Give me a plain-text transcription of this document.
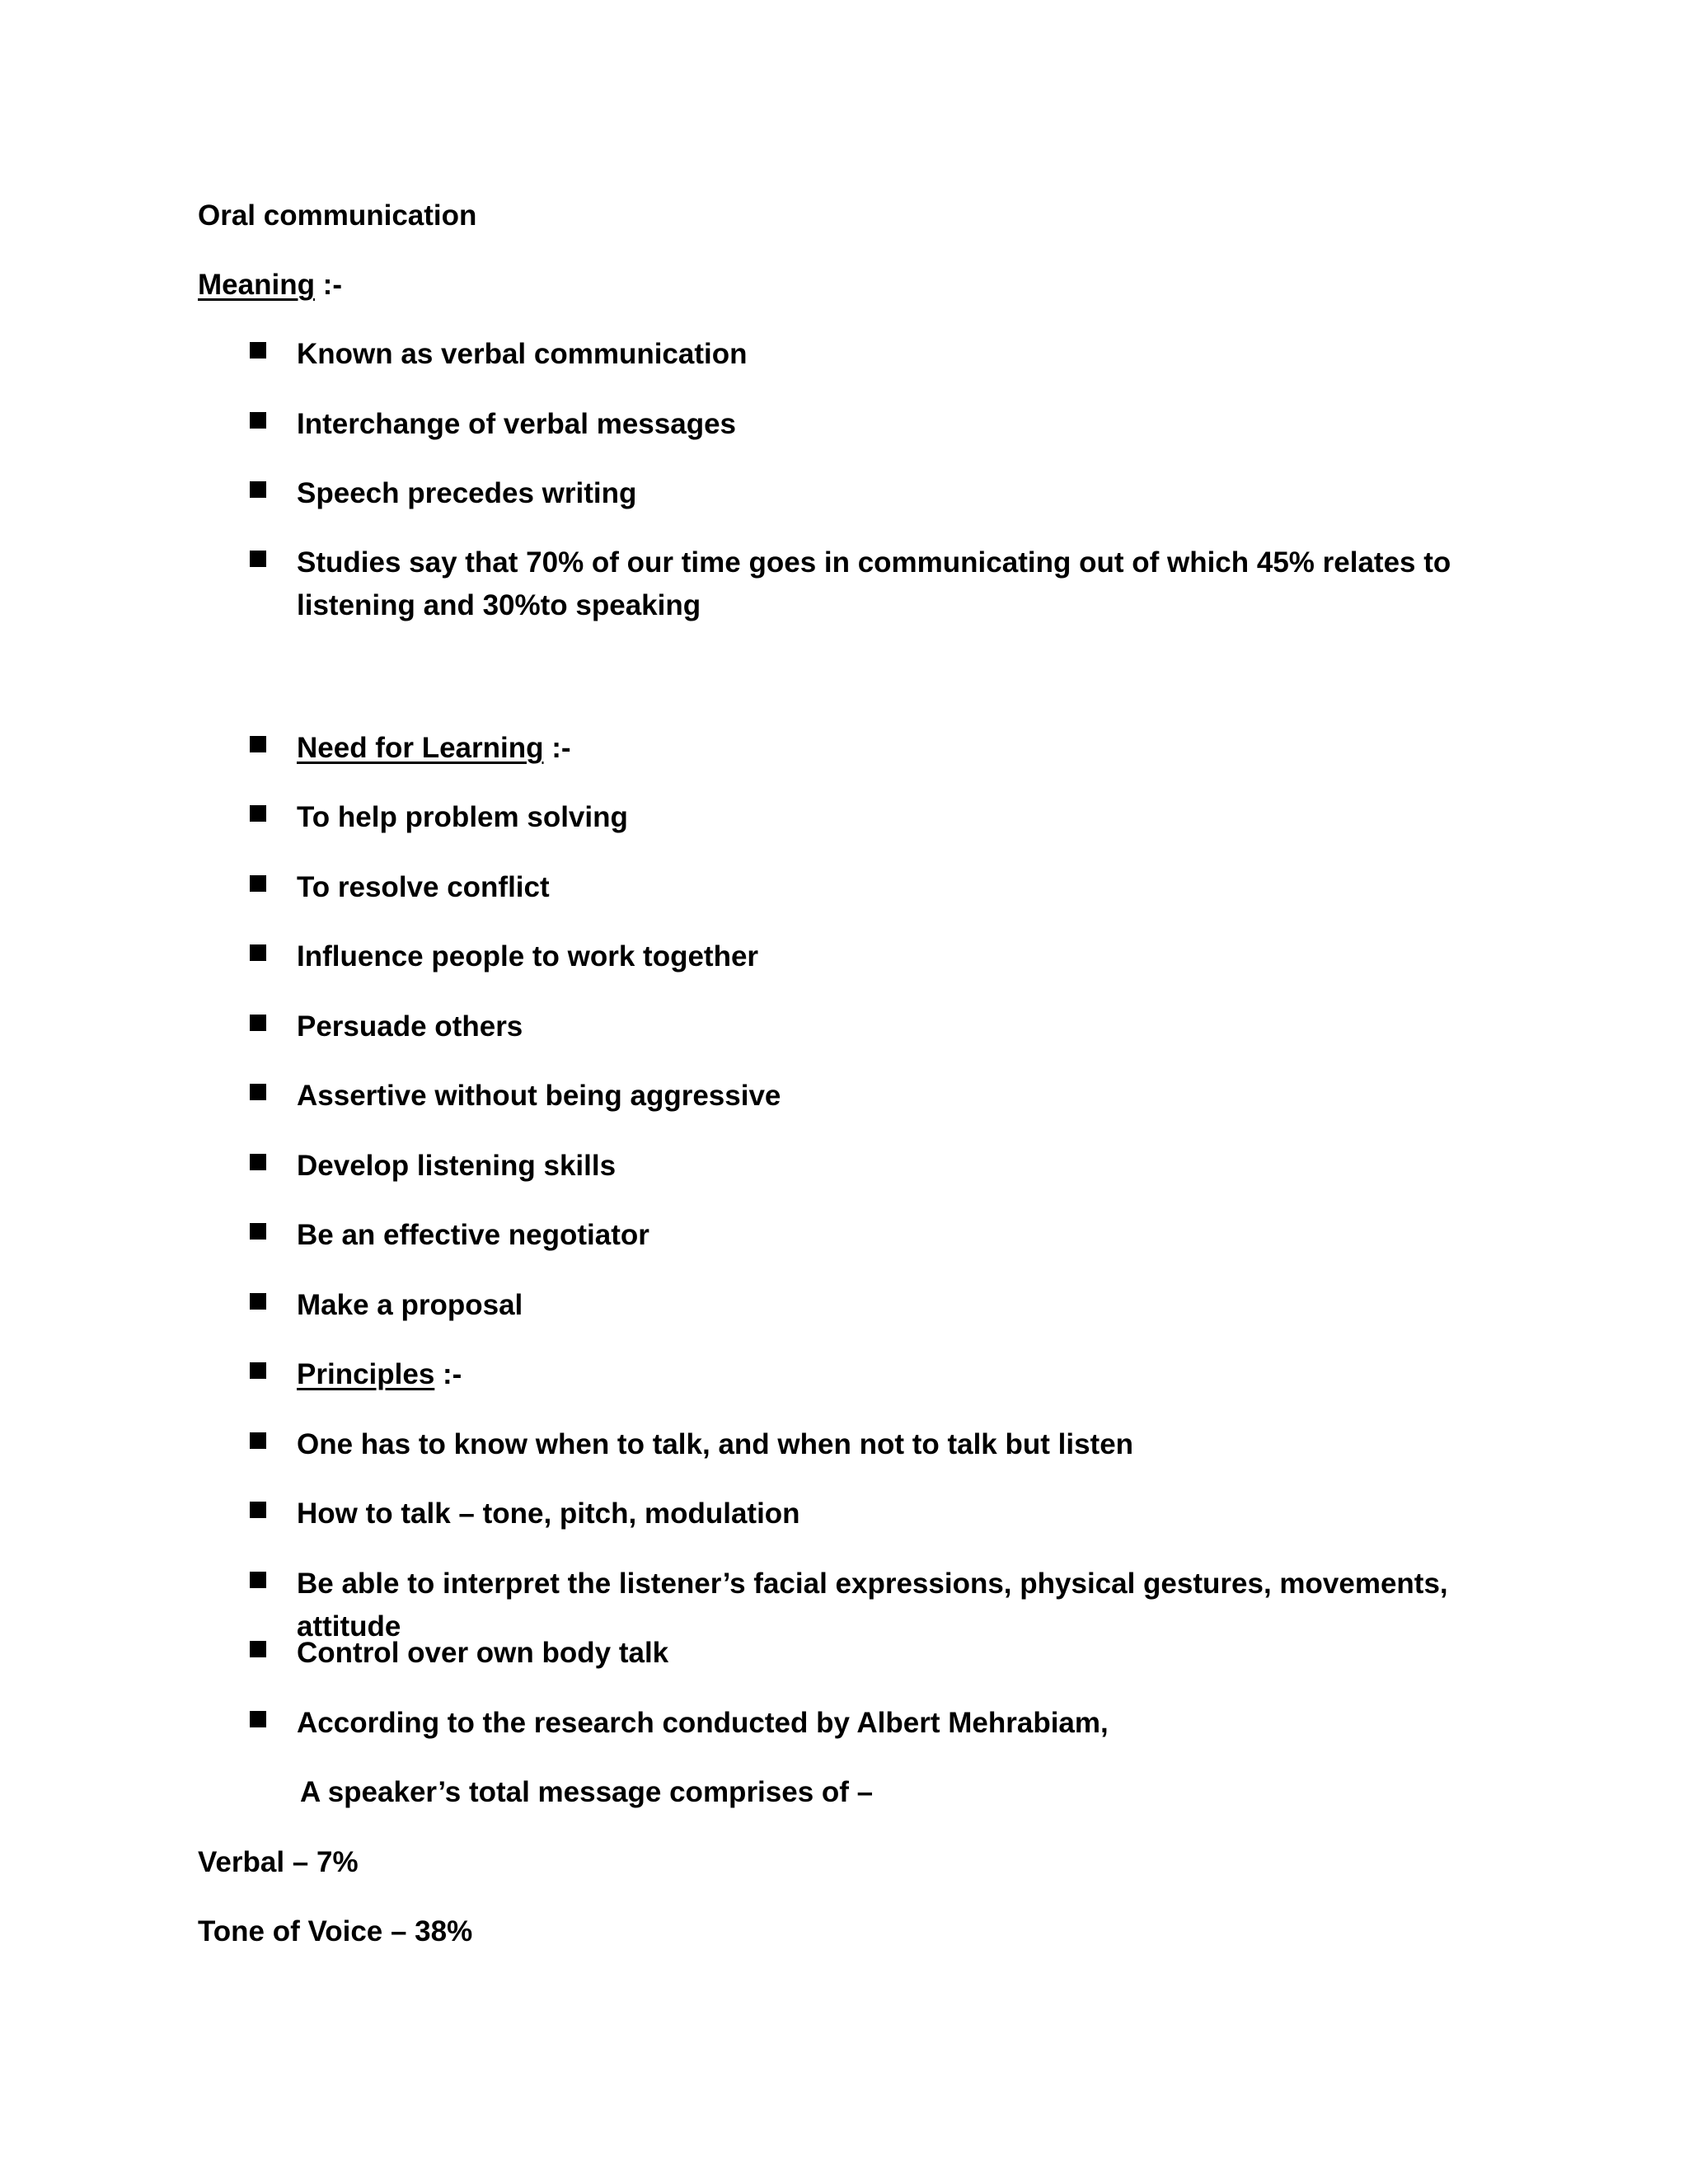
Oral communication
Meaning :-
Known as verbal communication
Interchange of verbal messages
Speech precedes writing
Studies say that 70% of our time goes in communicating out of which 45% relates to listening and 30%to speaking
Need for Learning :-
To help problem solving
To resolve conflict
Influence people to work together
Persuade others
Assertive without being aggressive
Develop listening skills
Be an effective negotiator
Make a proposal
Principles :-
One has to know when to talk, and when not to talk but listen
How to talk – tone, pitch, modulation
Be able to interpret the listener’s facial expressions, physical gestures, movements, attitude
Control over own body talk
According to the research conducted by Albert Mehrabiam,
A speaker’s total message comprises of –
Verbal – 7%
Tone of Voice – 38%
